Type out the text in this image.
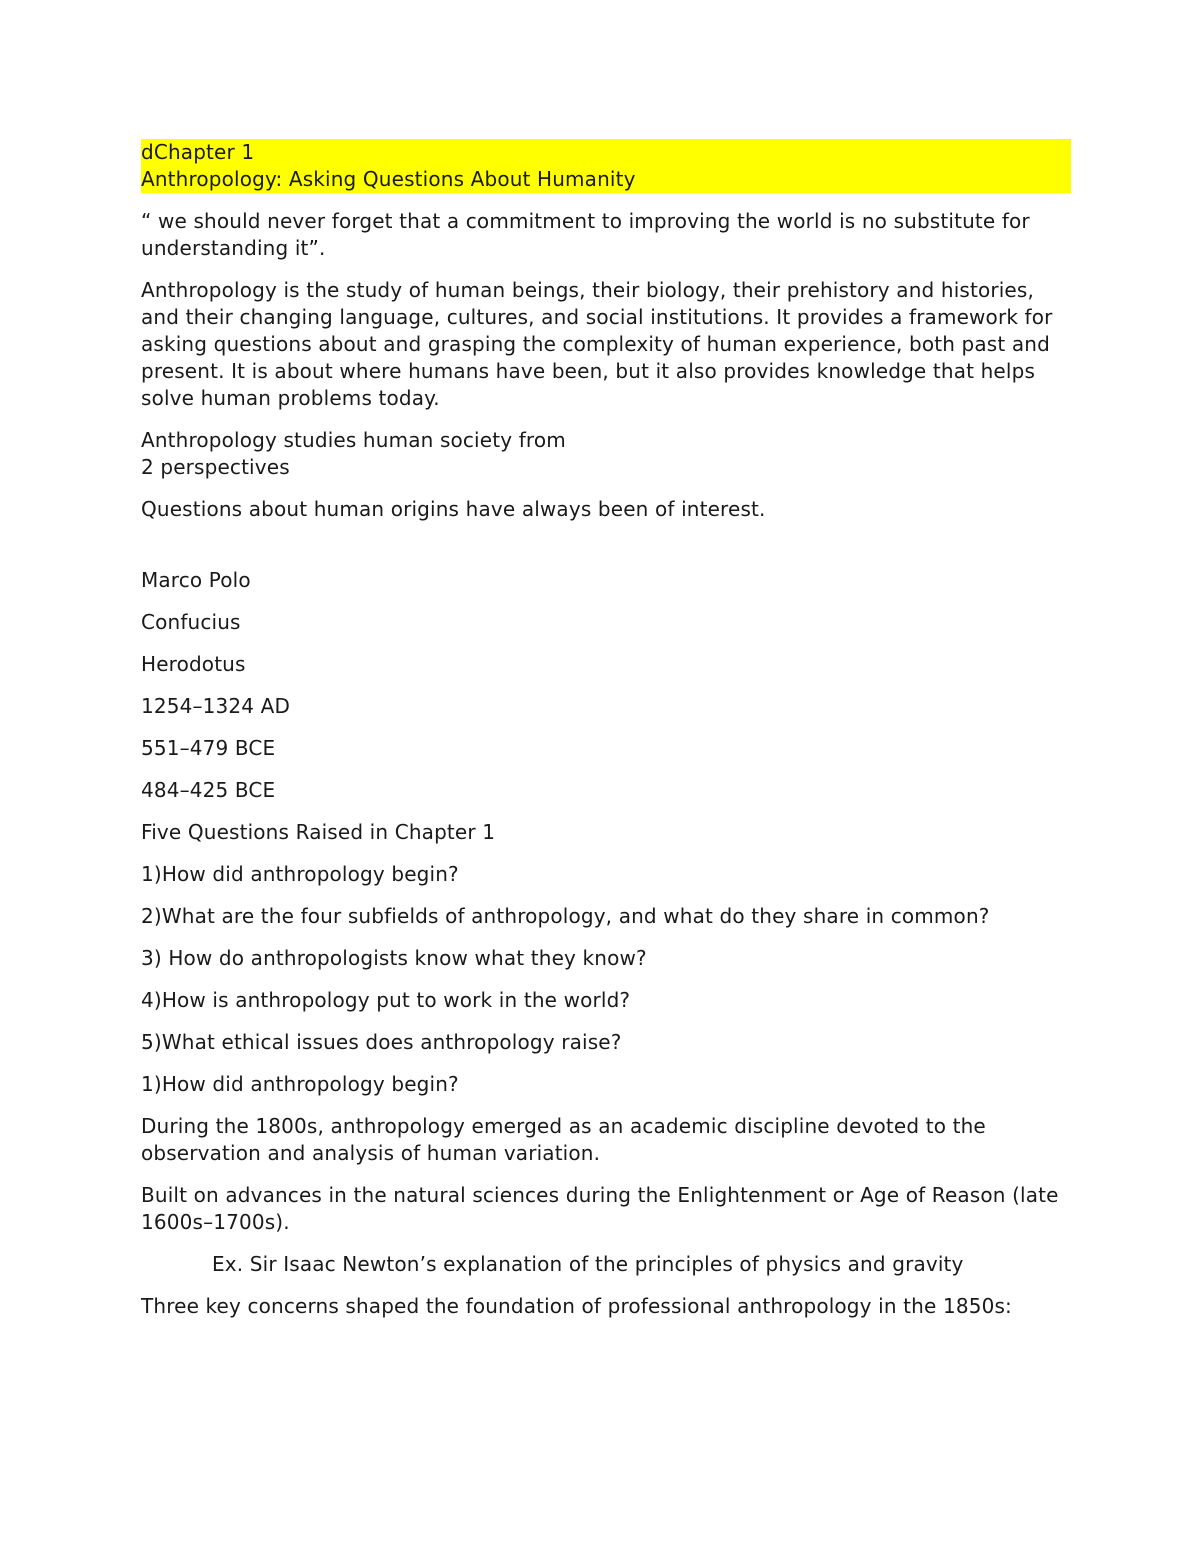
dChapter 1
Anthropology: Asking Questions About Humanity

“ we should never forget that a commitment to improving the world is no substitute for understanding it”.

Anthropology is the study of human beings, their biology, their prehistory and histories, and their changing language, cultures, and social institutions. It provides a framework for asking questions about and grasping the complexity of human experience, both past and present. It is about where humans have been, but it also provides knowledge that helps solve human problems today.

Anthropology studies human society from
2 perspectives

Questions about human origins have always been of interest.

Marco Polo

Confucius

Herodotus

1254–1324 AD

551–479 BCE

484–425 BCE

Five Questions Raised in Chapter 1

1)How did anthropology begin?

2)What are the four subfields of anthropology, and what do they share in common?

3) How do anthropologists know what they know?

4)How is anthropology put to work in the world?

5)What ethical issues does anthropology raise?

1)How did anthropology begin?

During the 1800s, anthropology emerged as an academic discipline devoted to the observation and analysis of human variation.

Built on advances in the natural sciences during the Enlightenment or Age of Reason (late 1600s–1700s).

Ex. Sir Isaac Newton’s explanation of the principles of physics and gravity

Three key concerns shaped the foundation of professional anthropology in the 1850s:
